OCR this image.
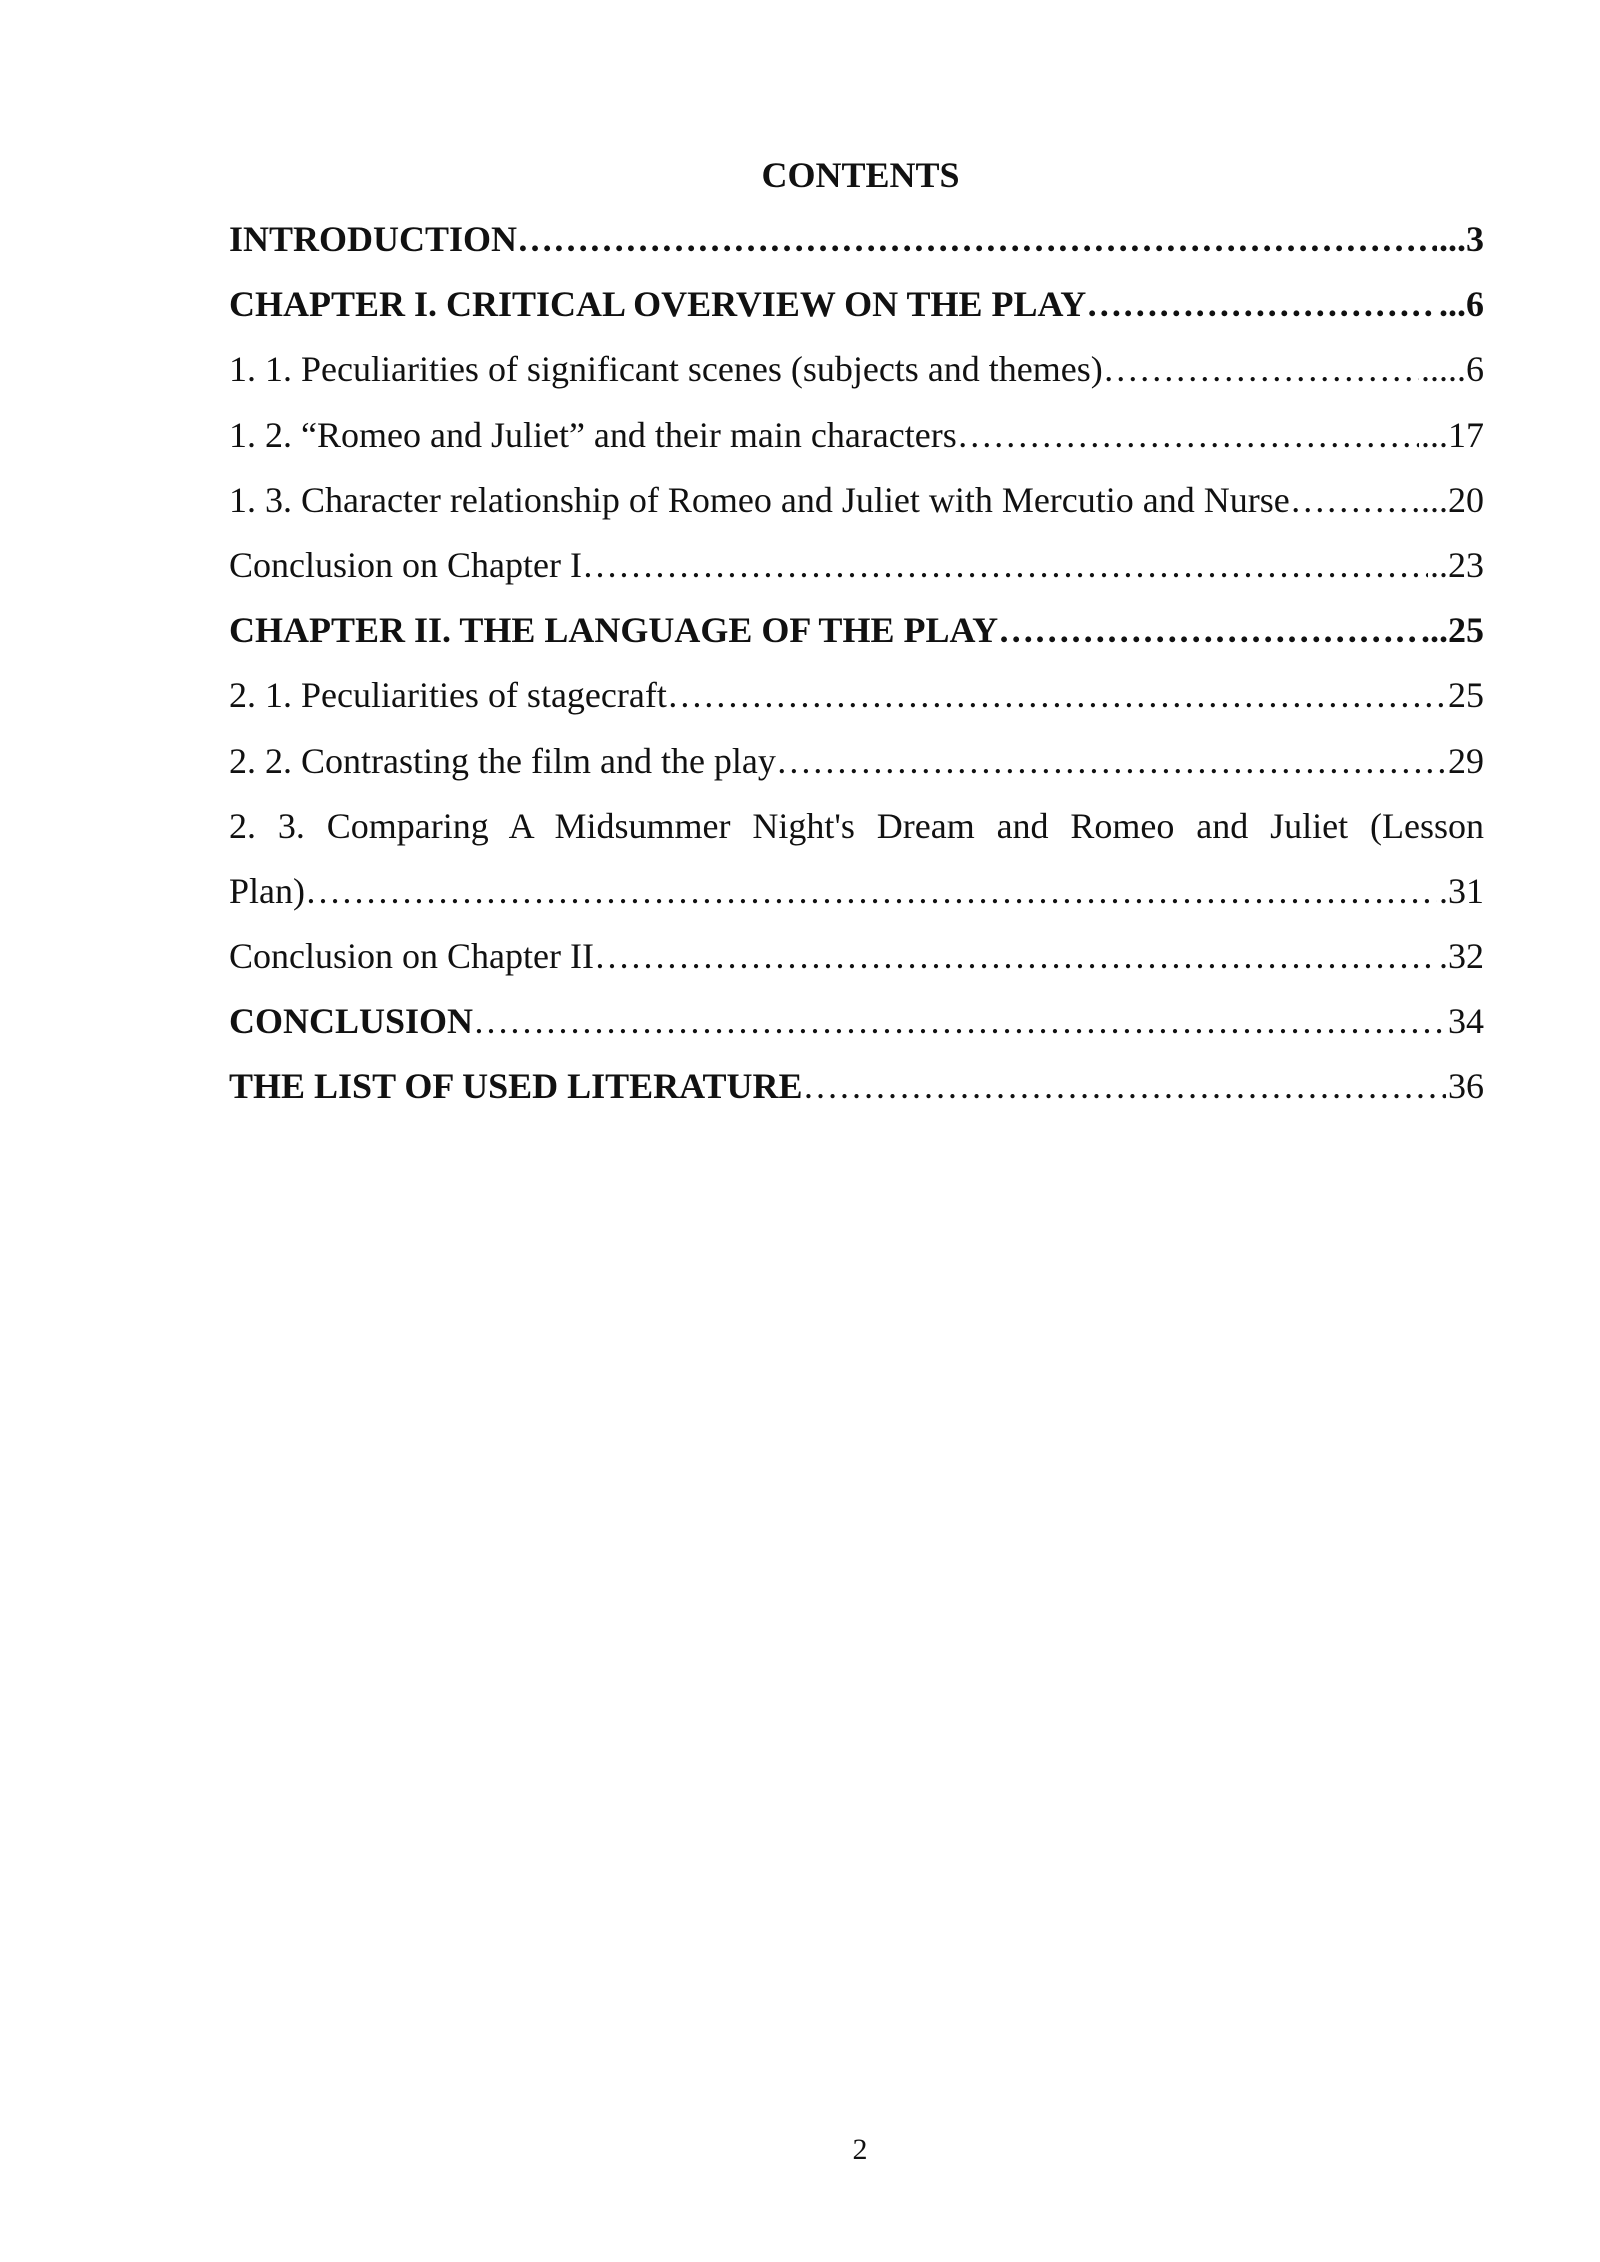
CONTENTS
INTRODUCTION ………………………………………………………………………………………………………………………………………………………………………………	...3
CHAPTER I. CRITICAL OVERVIEW ON THE PLAY ………………………………………………………………………………………………………………………………………………………………………………	...6
1. 1. Peculiarities of significant scenes (subjects and themes) ………………………………………………………………………………………………………………………………………………………………………………	.....6
1. 2. “Romeo and Juliet” and their main characters ………………………………………………………………………………………………………………………………………………………………………………	...17
1. 3. Character relationship of Romeo and Juliet with Mercutio and Nurse ………………………………………………………………………………………………………………………………………………………………………………	...20
Conclusion on Chapter I ………………………………………………………………………………………………………………………………………………………………………………	..23
CHAPTER II. THE LANGUAGE OF THE PLAY ………………………………………………………………………………………………………………………………………………………………………………	...25
2. 1. Peculiarities of stagecraft ………………………………………………………………………………………………………………………………………………………………………………	25
2. 2. Contrasting the film and the play ………………………………………………………………………………………………………………………………………………………………………………	29
2. 3. Comparing A Midsummer Night's Dream and Romeo and Juliet (Lesson
Plan) ………………………………………………………………………………………………………………………………………………………………………………	.31
Conclusion on Chapter II ………………………………………………………………………………………………………………………………………………………………………………	.32
CONCLUSION ………………………………………………………………………………………………………………………………………………………………………………	34
THE LIST OF USED LITERATURE ………………………………………………………………………………………………………………………………………………………………………………	36
2
